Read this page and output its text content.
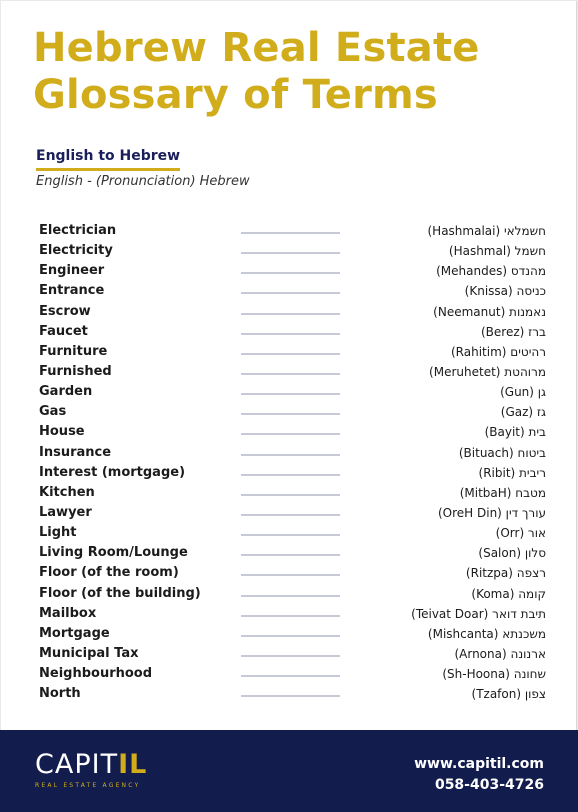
Hebrew Real Estate
Glossary of Terms
English to Hebrew
English - (Pronunciation) Hebrew
Electrician	חשמלאי (Hashmalai)
Electricity	חשמל (Hashmal)
Engineer	מהנדס (Mehandes)
Entrance	כניסה (Knissa)
Escrow	נאמנות (Neemanut)
Faucet	ברז (Berez)
Furniture	רהיטים (Rahitim)
Furnished	מרוהטת (Meruhetet)
Garden	גן (Gun)
Gas	גז (Gaz)
House	בית (Bayit)
Insurance	ביטוח (Bituach)
Interest (mortgage)	ריבית (Ribit)
Kitchen	מטבח (MitbaH)
Lawyer	עורך דין (OreH Din)
Light	אור (Orr)
Living Room/Lounge	סלון (Salon)
Floor (of the room)	רצפה (Ritzpa)
Floor (of the building)	קומה (Koma)
Mailbox	תיבת דואר (Teivat Doar)
Mortgage	משכנתא (Mishcanta)
Municipal Tax	ארנונה (Arnona)
Neighbourhood	שחונה (Sh-Hoona)
North	צפון (Tzafon)
CAPITIL
REAL ESTATE AGENCY
www.capitil.com
058-403-4726
